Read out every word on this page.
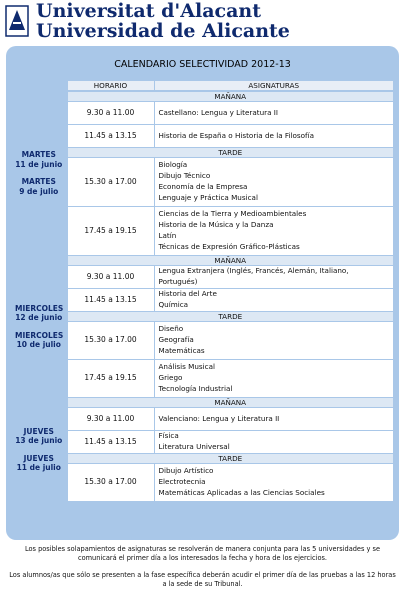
Universitat d'Alacant
Universidad de Alicante
CALENDARIO SELECTIVIDAD 2012-13
	HORARIO	ASIGNATURAS

MARTES
11 de junio
MARTES
9 de julio	MAÑANA	
	9.30 a 11.00	Castellano: Lengua y Literatura II

	11.45 a 13.15	Historia de España o Historia de la Filosofía

	TARDE	
	15.30 a 17.00	Biología
Dibujo Técnico
Economía de la Empresa
Lenguaje y Práctica Musical

	17.45 a 19.15	Ciencias de la Tierra y Medioambientales
Historia de la Música y la Danza
Latín
Técnicas de Expresión Gráfico-Plásticas

MIERCOLES
12 de junio
MIERCOLES
10 de julio	MAÑANA	
	9.30 a 11.00	Lengua Extranjera (Inglés, Francés, Alemán, Italiano,
Portugués)

	11.45 a 13.15	Historia del Arte
Química

	TARDE	
	15.30 a 17.00	Diseño
Geografía
Matemáticas

	17.45 a 19.15	Análisis Musical
Griego
Tecnología Industrial

JUEVES
13 de junio
JUEVES
11 de julio	MAÑANA	
	9.30 a 11.00	Valenciano: Lengua y Literatura II

	11.45 a 13.15	Física
Literatura Universal

	TARDE	
	15.30 a 17.00	Dibujo Artístico
Electrotecnia
Matemáticas Aplicadas a las Ciencias Sociales

Los posibles solapamientos de asignaturas se resolverán de manera conjunta para las 5 universidades y se comunicará el primer día a los interesados la fecha y hora de los ejercicios.

Los alumnos/as que sólo se presenten a la fase específica deberán acudir el primer día de las pruebas a las 12 horas a la sede de su Tribunal.
